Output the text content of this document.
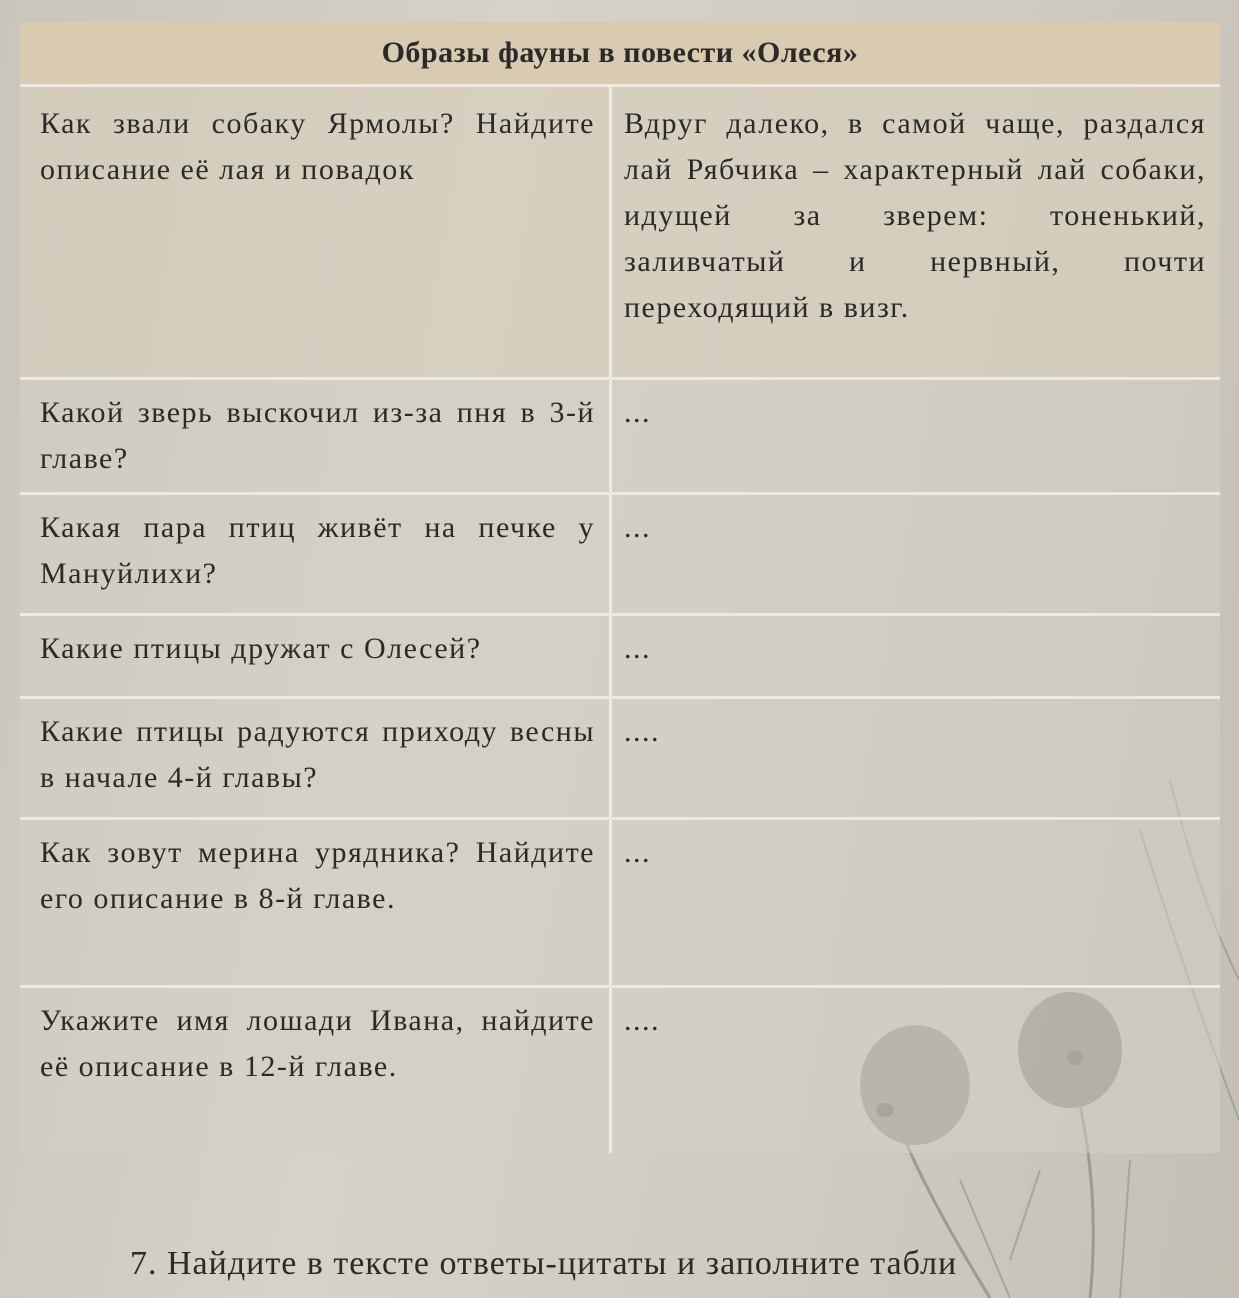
Образы фауны в повести «Олеся»
Как звали собаку Ярмолы? Найдите описание её лая и повадок
Вдруг далеко, в самой чаще, раздался лай Рябчика – характерный лай собаки, идущей за зверем: тоненький, заливчатый и нервный, почти переходящий в визг.
Какой зверь выскочил из-за пня в 3-й главе?
...
Какая пара птиц живёт на печке у Мануйлихи?
...
Какие птицы дружат с Олесей?	...
Какие птицы радуются приходу весны в начале 4-й главы?
....
Как зовут мерина урядника? Найдите его описание в 8-й главе.
...
Укажите имя лошади Ивана, найдите её описание в 12-й главе.
....
7. Найдите в тексте ответы-цитаты и заполните табли
